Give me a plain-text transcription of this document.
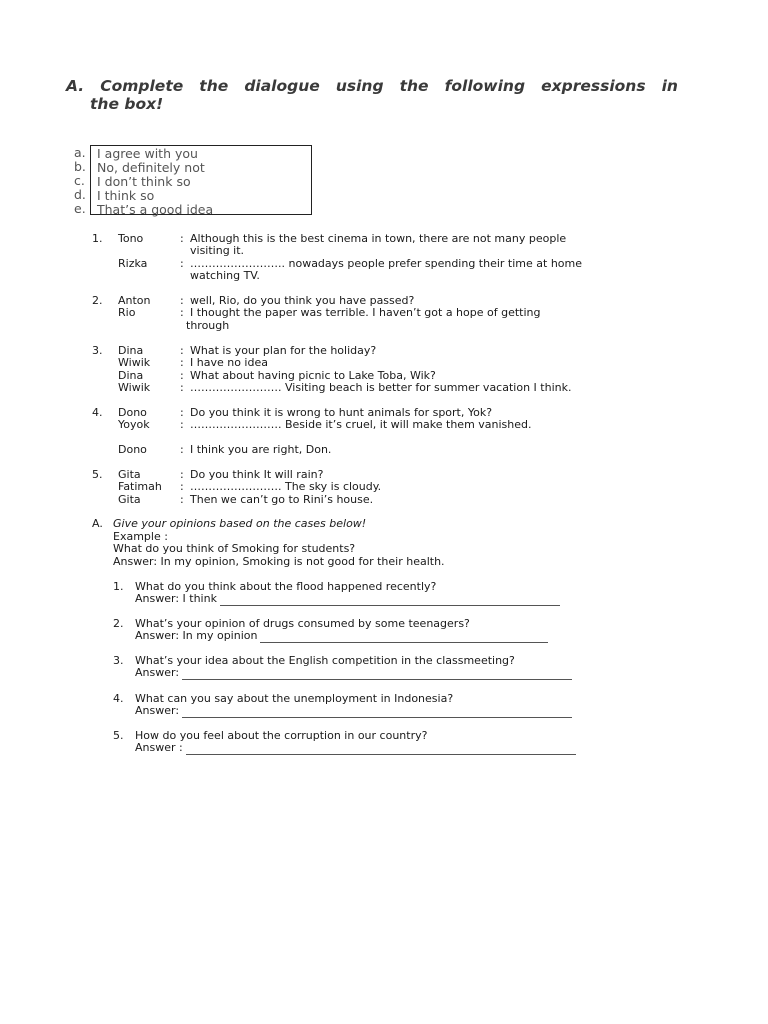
A. Complete the dialogue using the following expressions in
the box!
a.
b.
c.
d.
e.
I agree with you
No, definitely not
I don’t think so
I think so
That’s a good idea
1.	Tono	: Although this is the best cinema in town, there are not many people
visiting it.
Rizka	: …………………….. nowadays people prefer spending their time at home
watching TV.
2.	Anton	: well, Rio, do you think you have passed?
Rio	: I thought the paper was terrible. I haven’t got a hope of getting
through
3.	Dina	: What is your plan for the holiday?
Wiwik	: I have no idea
Dina	: What about having picnic to Lake Toba, Wik?
Wiwik	: ……………………. Visiting beach is better for summer vacation I think.
4.	Dono	: Do you think it is wrong to hunt animals for sport, Yok?
Yoyok	: ……………………. Beside it’s cruel, it will make them vanished.
Dono	: I think you are right, Don.
5.	Gita	: Do you think It will rain?
Fatimah	: ……………………. The sky is cloudy.
Gita	: Then we can’t go to Rini’s house.
A. Give your opinions based on the cases below!
Example :
What do you think of Smoking for students?
Answer: In my opinion, Smoking is not good for their health.
1. What do you think about the flood happened recently?
Answer: I think
2. What’s your opinion of drugs consumed by some teenagers?
Answer: In my opinion
3. What’s your idea about the English competition in the classmeeting?
Answer:
4. What can you say about the unemployment in Indonesia?
Answer:
5. How do you feel about the corruption in our country?
Answer :
